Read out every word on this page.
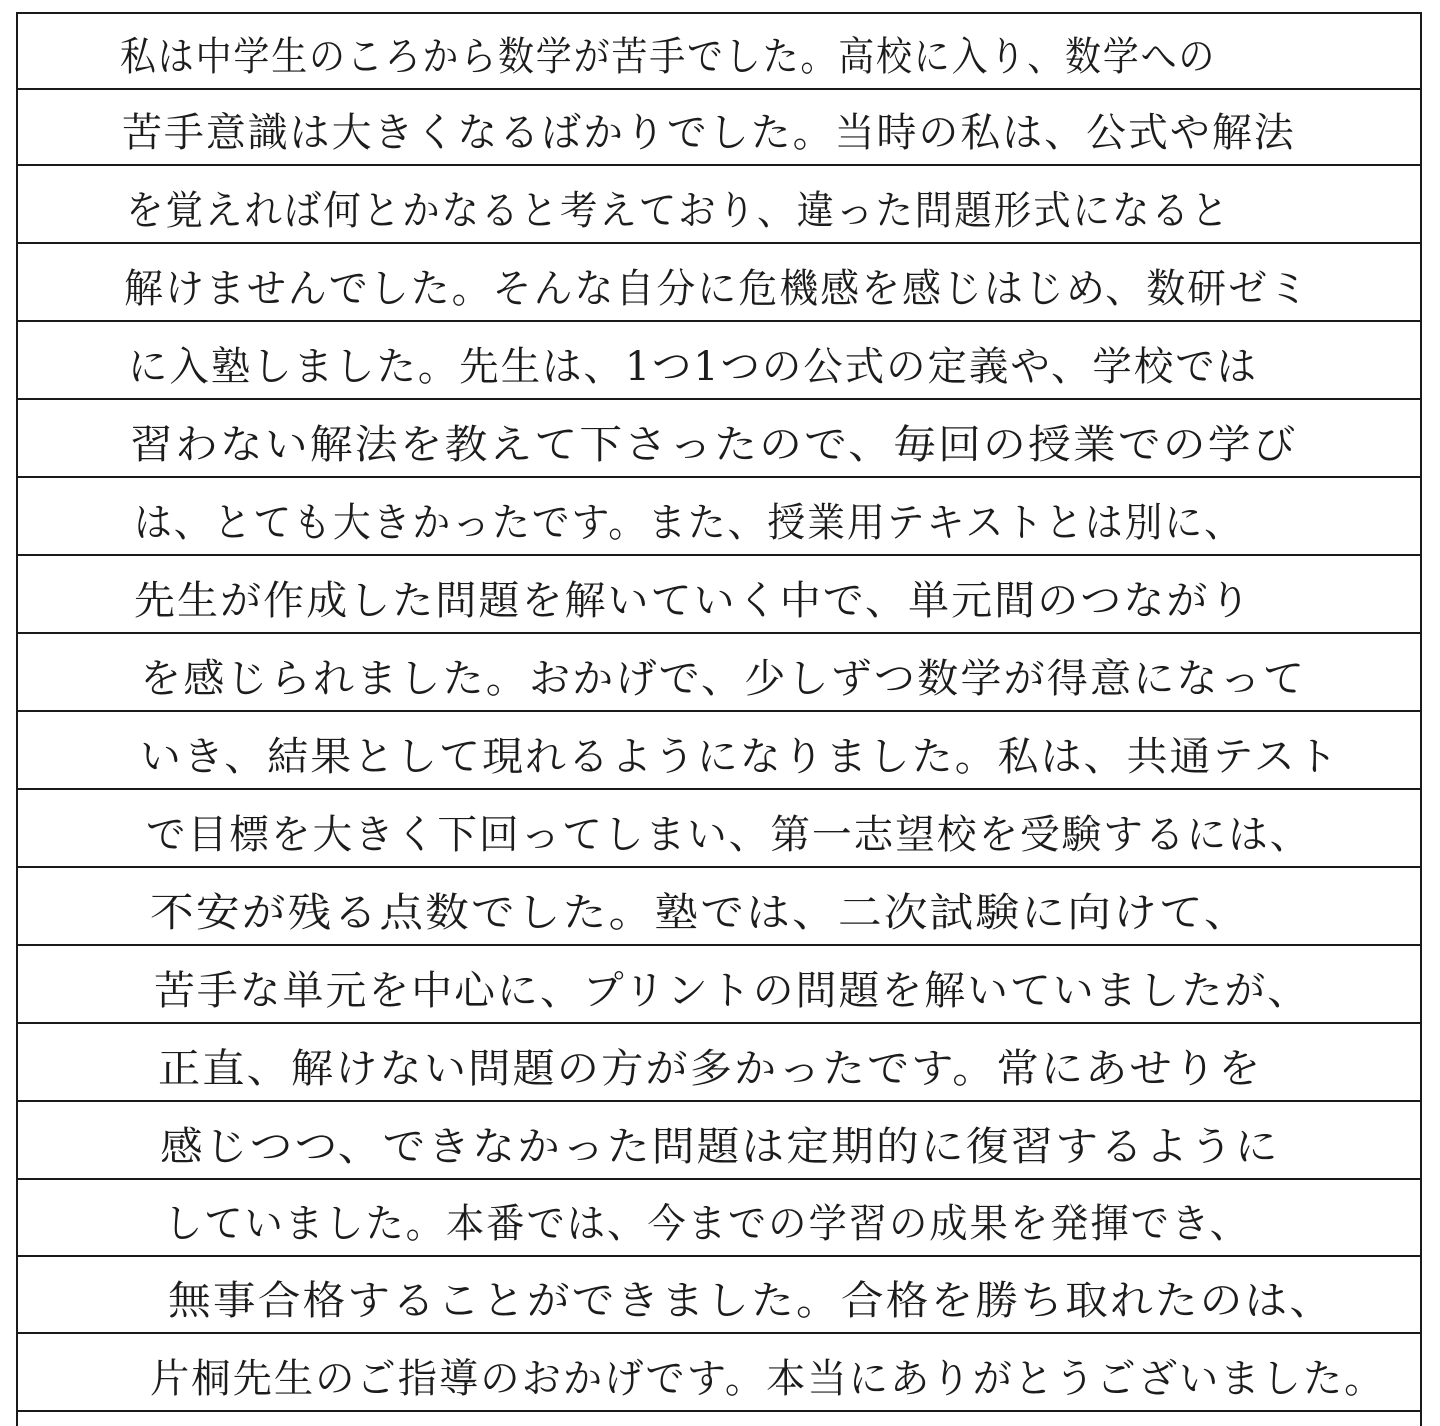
私は中学生のころから数学が苦手でした。高校に入り、数学への
苦手意識は大きくなるばかりでした。当時の私は、公式や解法
を覚えれば何とかなると考えており、違った問題形式になると
解けませんでした。そんな自分に危機感を感じはじめ、数研ゼミ
に入塾しました。先生は、1つ1つの公式の定義や、学校では
習わない解法を教えて下さったので、毎回の授業での学び
は、とても大きかったです。また、授業用テキストとは別に、
先生が作成した問題を解いていく中で、単元間のつながり
を感じられました。おかげで、少しずつ数学が得意になって
いき、結果として現れるようになりました。私は、共通テスト
で目標を大きく下回ってしまい、第一志望校を受験するには、
不安が残る点数でした。塾では、二次試験に向けて、
苦手な単元を中心に、プリントの問題を解いていましたが、
正直、解けない問題の方が多かったです。常にあせりを
感じつつ、できなかった問題は定期的に復習するように
していました。本番では、今までの学習の成果を発揮でき、
無事合格することができました。合格を勝ち取れたのは、
片桐先生のご指導のおかげです。本当にありがとうございました。
